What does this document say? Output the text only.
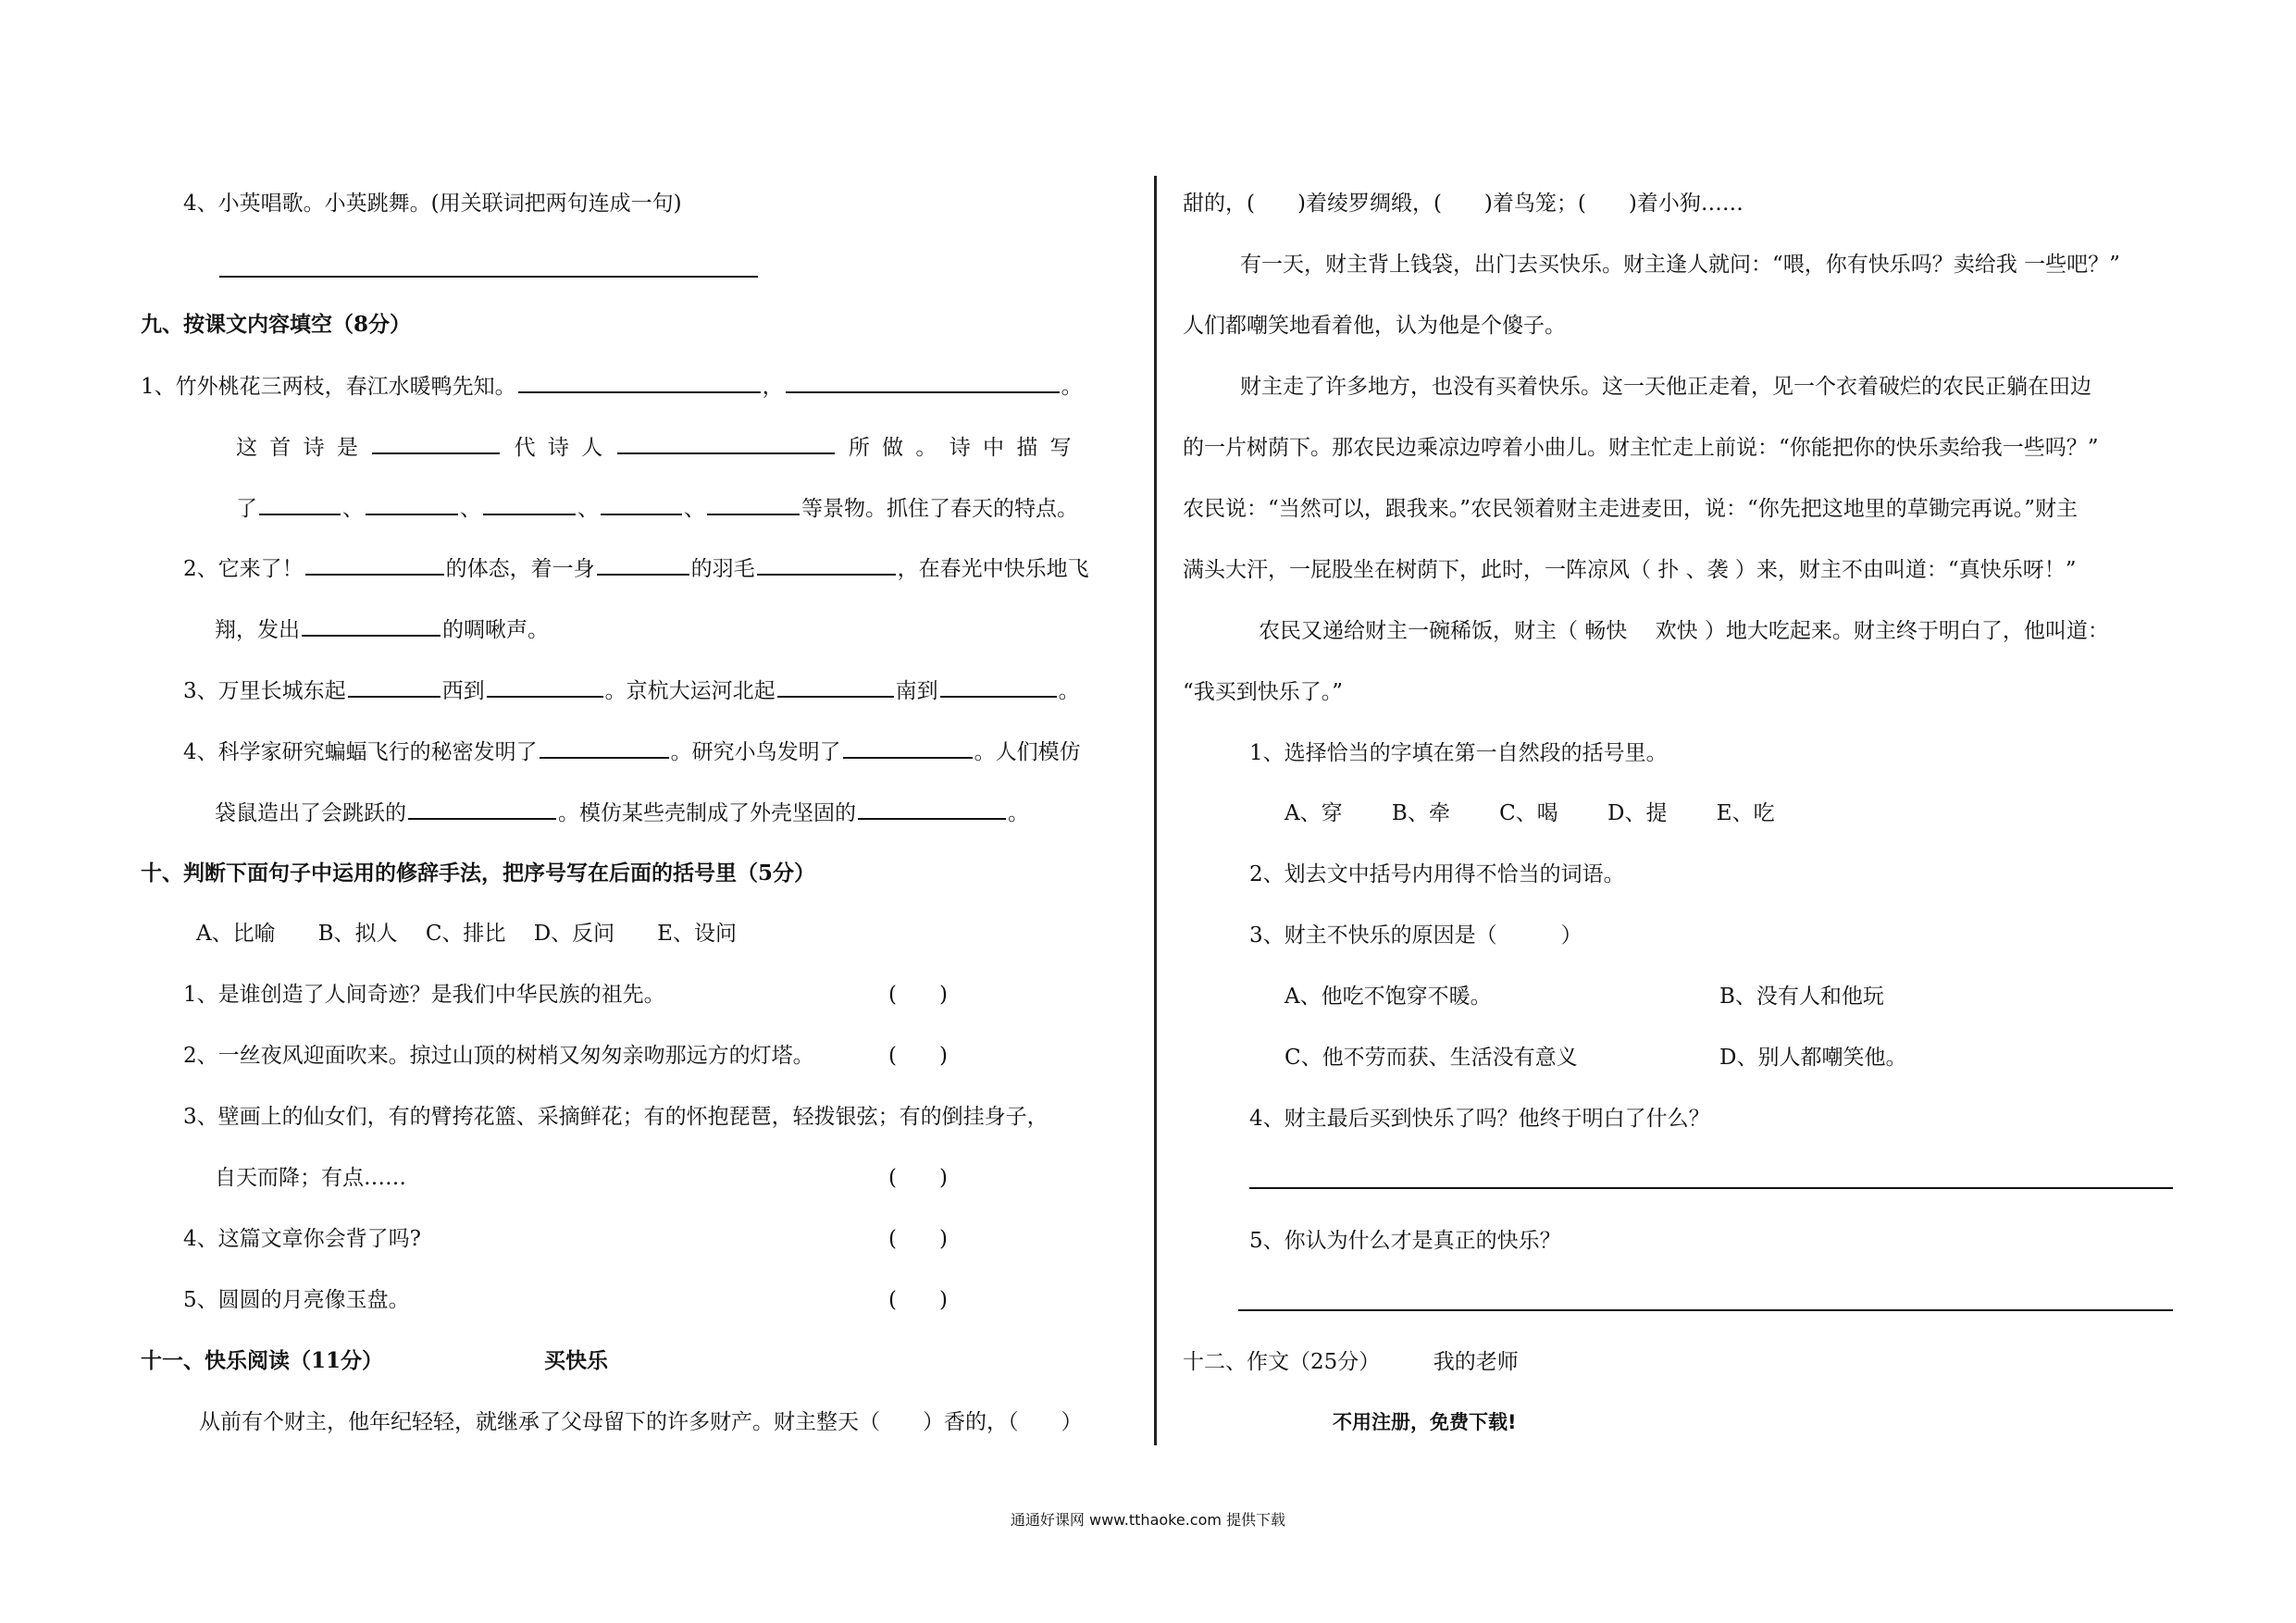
4、小英唱歌。小英跳舞。(用关联词把两句连成一句)
九、按课文内容填空（8分）
1、竹外桃花三两枝，春江水暖鸭先知。	，	。
这 首 诗 是	代 诗 人	所 做 。 诗 中 描 写
了	、	、	、	、	等景物。抓住了春天的特点。
2、它来了！	的体态，着一身	的羽毛	，在春光中快乐地飞
翔，发出	的啁啾声。
3、万里长城东起	西到	。京杭大运河北起	南到	。
4、科学家研究蝙蝠飞行的秘密发明了	。研究小鸟发明了	。人们模仿
袋鼠造出了会跳跃的	。模仿某些壳制成了外壳坚固的	。
十、判断下面句子中运用的修辞手法，把序号写在后面的括号里（5分）
A、比喻　　B、拟人　 C、排比　 D、反问　　E、设问
1、是谁创造了人间奇迹？是我们中华民族的祖先。	(　　)
2、一丝夜风迎面吹来。掠过山顶的树梢又匆匆亲吻那远方的灯塔。	(　　)
3、壁画上的仙女们，有的臂挎花篮、采摘鲜花；有的怀抱琵琶，轻拨银弦；有的倒挂身子，
自天而降；有点……	(　　)
4、这篇文章你会背了吗?	(　　)
5、圆圆的月亮像玉盘。	(　　)
十一、快乐阅读（11分）	买快乐
从前有个财主，他年纪轻轻，就继承了父母留下的许多财产。财主整天（　　）香的，（　　）
甜的，(　　)着绫罗绸缎，(　　)着鸟笼；(　　)着小狗……
有一天，财主背上钱袋，出门去买快乐。财主逢人就问：“喂，你有快乐吗？卖给我 一些吧？”
人们都嘲笑地看着他，认为他是个傻子。
财主走了许多地方，也没有买着快乐。这一天他正走着，见一个衣着破烂的农民正躺在田边
的一片树荫下。那农民边乘凉边哼着小曲儿。财主忙走上前说：“你能把你的快乐卖给我一些吗？”
农民说：“当然可以，跟我来。”农民领着财主走进麦田，说：“你先把这地里的草锄完再说。”财主
满头大汗，一屁股坐在树荫下，此时，一阵凉风（ 扑 、袭 ）来，财主不由叫道：“真快乐呀！”
农民又递给财主一碗稀饭，财主（ 畅快　 欢快 ）地大吃起来。财主终于明白了，他叫道：
“我买到快乐了。”
1、选择恰当的字填在第一自然段的括号里。
A、穿　　 B、牵　　 C、喝　　 D、提　　 E、吃
2、划去文中括号内用得不恰当的词语。
3、财主不快乐的原因是（　　　）
A、他吃不饱穿不暖。	B、没有人和他玩
C、他不劳而获、生活没有意义	D、别人都嘲笑他。
4、财主最后买到快乐了吗？他终于明白了什么？
5、你认为什么才是真正的快乐？
十二、作文（25分）　　　我的老师
不用注册，免费下载!
通通好课网 www.tthaoke.com 提供下载
